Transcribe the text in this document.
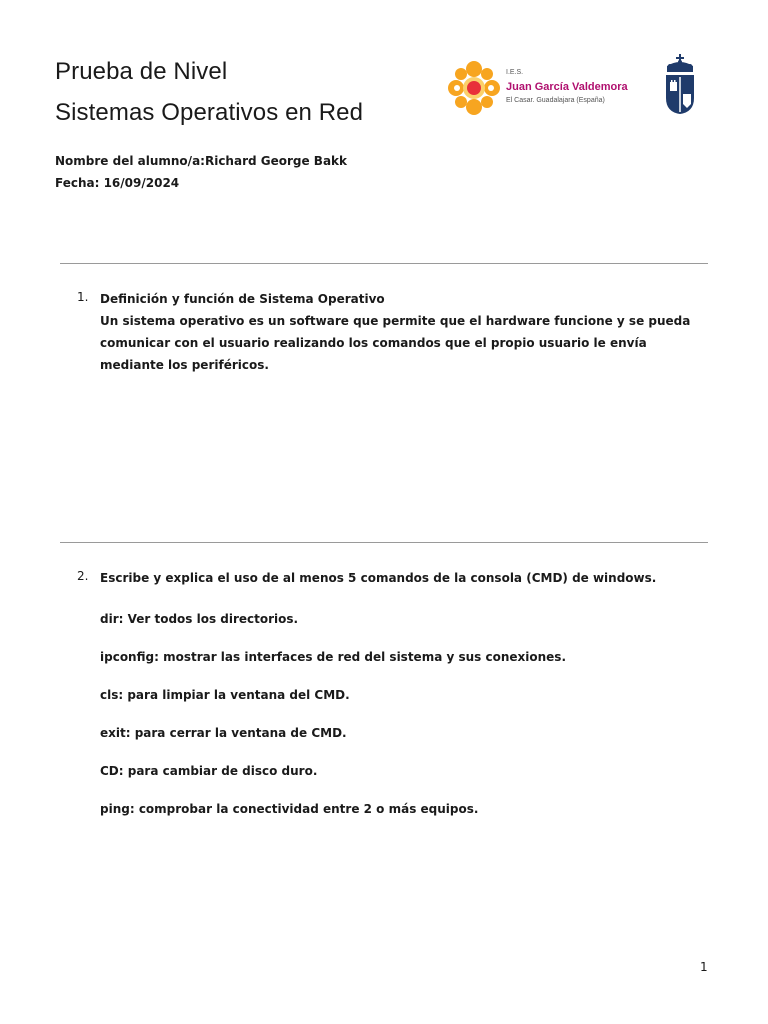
Prueba de Nivel
Sistemas Operativos en Red
I.E.S.
Juan García Valdemora
El Casar. Guadalajara (España)
Nombre del alumno/a:Richard George Bakk
Fecha: 16/09/2024
1. Definición y función de Sistema Operativo
Un sistema operativo es un software que permite que el hardware funcione y se pueda comunicar con el usuario realizando los comandos que el propio usuario le envía mediante los periféricos.
2. Escribe y explica el uso de al menos 5 comandos de la consola (CMD) de windows.
dir: Ver todos los directorios.
ipconfig: mostrar las interfaces de red del sistema y sus conexiones.
cls: para limpiar la ventana del CMD.
exit: para cerrar la ventana de CMD.
CD: para cambiar de disco duro.
ping: comprobar la conectividad entre 2 o más equipos.
1
